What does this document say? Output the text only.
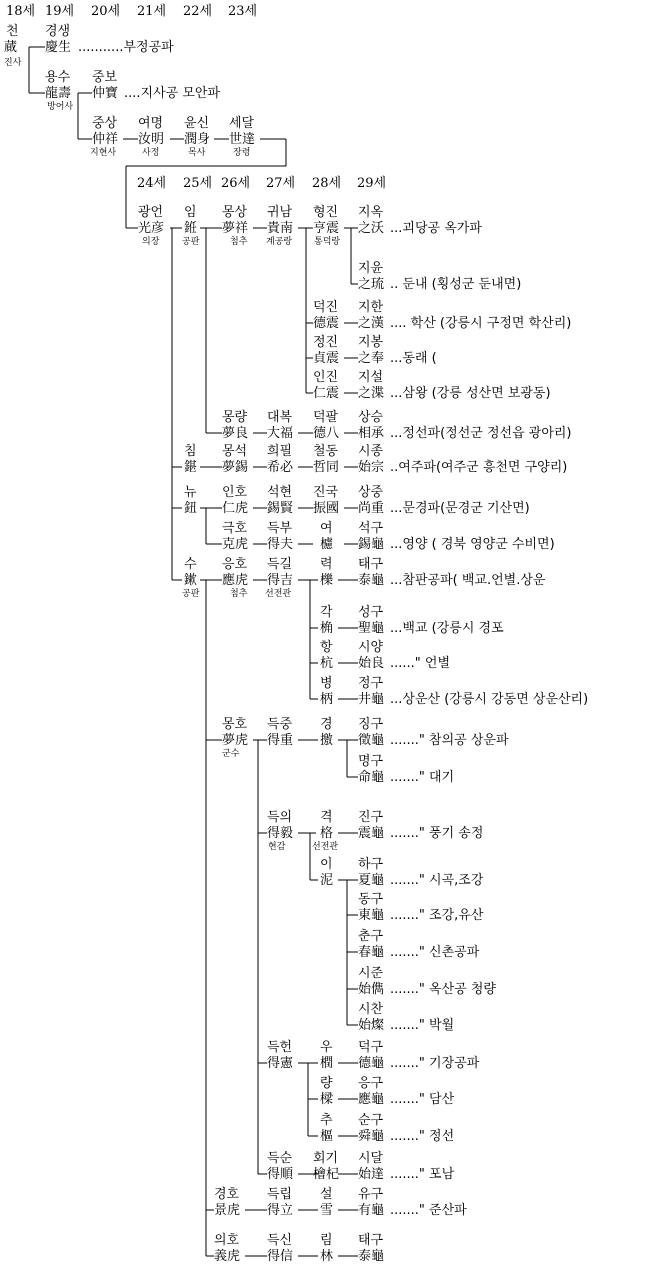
18세 19세 20세 21세 22세 23세
24세 25세 26세 27세 28세 29세
천
蕆
진사
경생
慶生 ...........부정공파
용수
龍壽
방어사
중보
仲寶 ....지사공 모안파
중상
仲祥
지현사
여명
汝明
사정
윤신
潤身
목사
세달
世達
장령
광언
光彦
의장
임
銋
공판
침
鍖
뉴
鈕
수
鏉
공판
몽상
夢祥
첨추
몽량
夢良
몽석
夢錫
인호
仁虎
극호
克虎
응호
應虎
첨추
몽호
夢虎
군수
경호
景虎
의호
義虎
귀남
貴南
계공랑
대복
大福
희필
希必
석현
錫賢
득부
得夫
득길
得吉
선전관
득중
得重
득의
得毅
현감
득헌
得憲
득순
得順
득립
得立
득신
得信
형진
亨震
통덕랑
덕진
德震
정진
貞震
인진
仁震
덕팔
德八
철동
哲同
진국
振國
여
櫖
력
櫟
각
桷
항
杭
병
柄
경
撽
격
格
선전관
이
泥
우
橍
량
樑
추
樞
회기
檜杞
설
雪
림
林
지옥
之沃 ...괴당공 옥가파
지윤
之琉 .. 둔내 (횡성군 둔내면)
지한
之漢 .... 학산 (강릉시 구정면 학산리)
지봉
之奉 ...동래 (
지설
之渫 ...삼왕 (강릉 성산면 보광동)
상승
相承 ...정선파(정선군 정선읍 광아리)
시종
始宗 ..여주파(여주군 흥천면 구양리)
상중
尚重 ...문경파(문경군 기산면)
석구
錫龜 ...영양 ( 경북 영양군 수비면)
태구
泰龜 ...참판공파( 백교.언별.상운
성구
聖龜 ...백교 (강릉시 경포
시양
始良 ......" 언별
정구
井龜 ...상운산 (강릉시 강동면 상운산리)
징구
徵龜 ......." 참의공 상운파
명구
命龜 ......." 대기
진구
震龜 ......." 풍기 송정
하구
夏龜 ......." 시곡,조강
동구
東龜 ......." 조강,유산
춘구
春龜 ......." 신촌공파
시준
始儁 ......." 옥산공 청량
시찬
始燦 ......." 박월
덕구
德龜 ......." 기장공파
응구
應龜 ......." 담산
순구
舜龜 ......." 정선
시달
始達 ......." 포남
유구
有龜 ......." 준산파
태구
泰龜
